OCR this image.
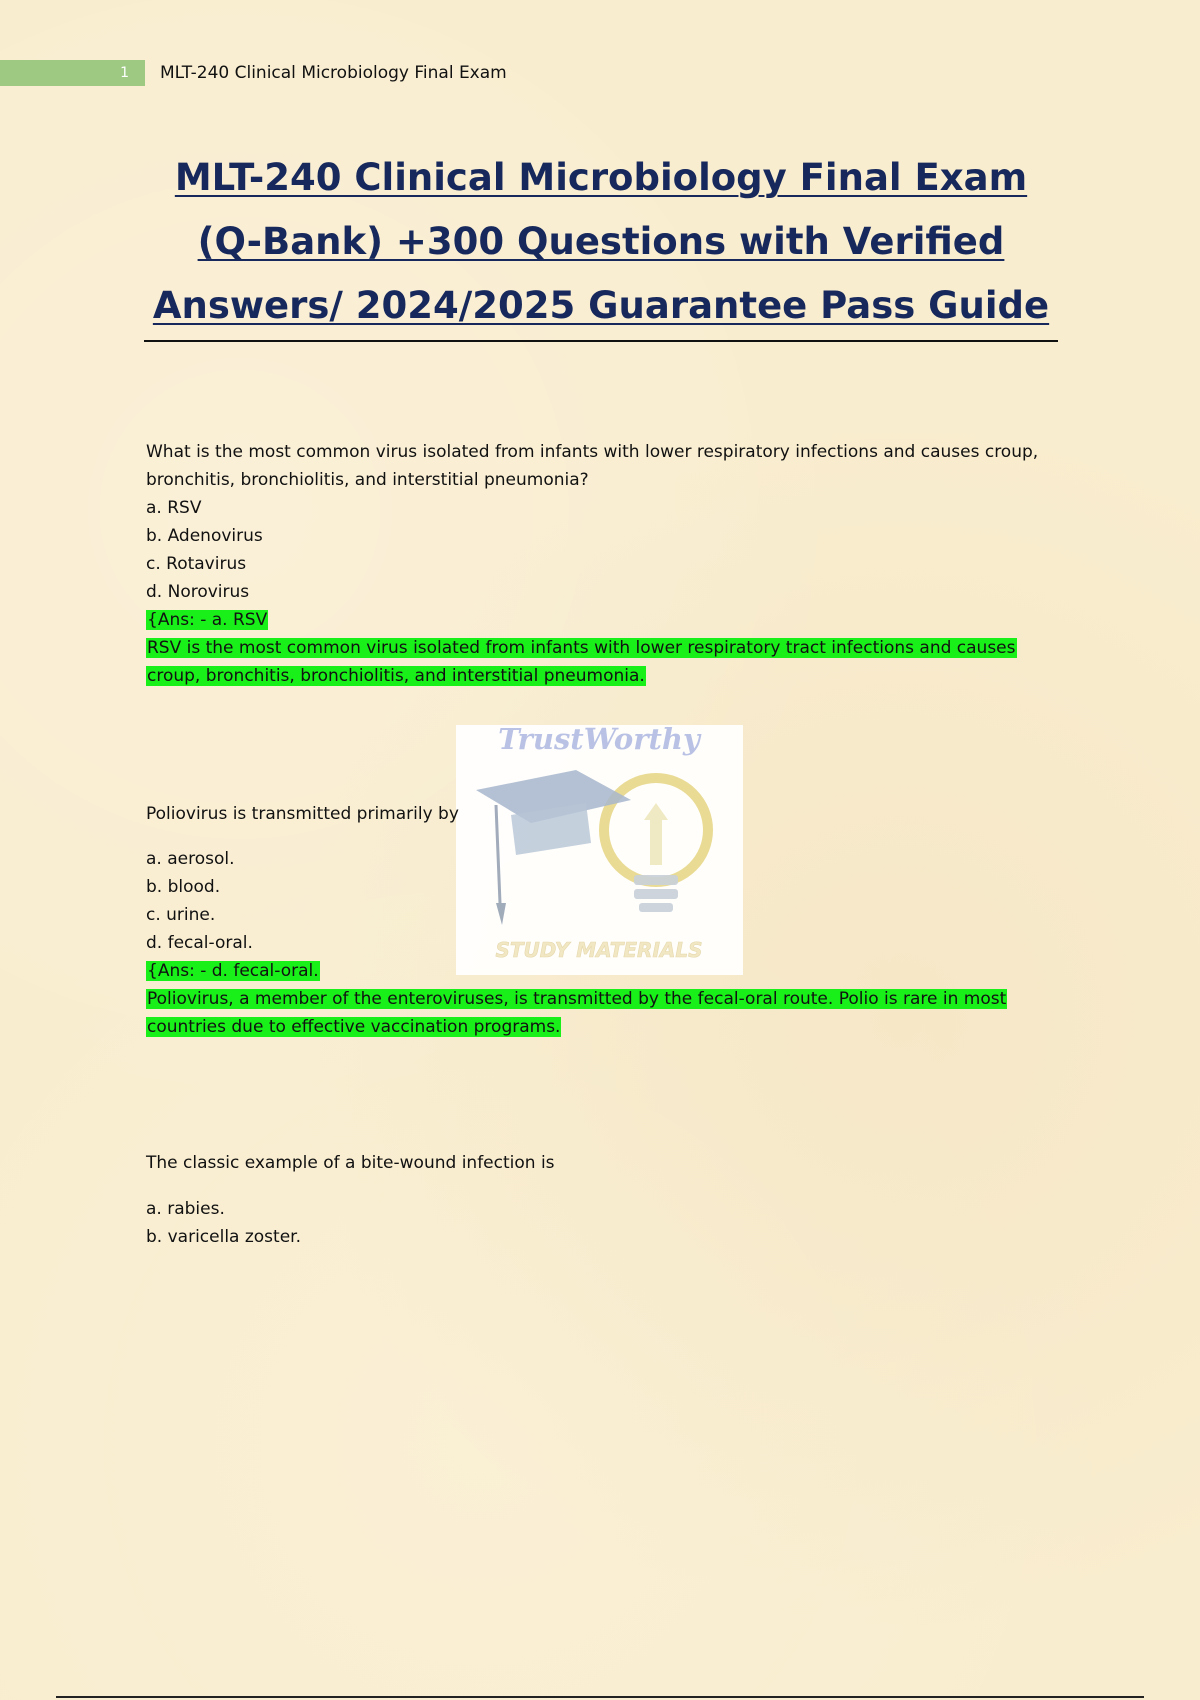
1	MLT-240 Clinical Microbiology Final Exam
MLT-240 Clinical Microbiology Final Exam (Q-Bank) +300 Questions with Verified Answers/ 2024/2025 Guarantee Pass Guide
TrustWorthy
STUDY MATERIALS

What is the most common virus isolated from infants with lower respiratory infections and causes croup, bronchitis, bronchiolitis, and interstitial pneumonia?

a. RSV

b. Adenovirus

c. Rotavirus

d. Norovirus

{Ans: - a. RSV

RSV is the most common virus isolated from infants with lower respiratory tract infections and causes croup, bronchitis, bronchiolitis, and interstitial pneumonia.

Poliovirus is transmitted primarily by

a. aerosol.

b. blood.

c. urine.

d. fecal-oral.

{Ans: - d. fecal-oral.

Poliovirus, a member of the enteroviruses, is transmitted by the fecal-oral route. Polio is rare in most countries due to effective vaccination programs.

The classic example of a bite-wound infection is

a. rabies.

b. varicella zoster.
